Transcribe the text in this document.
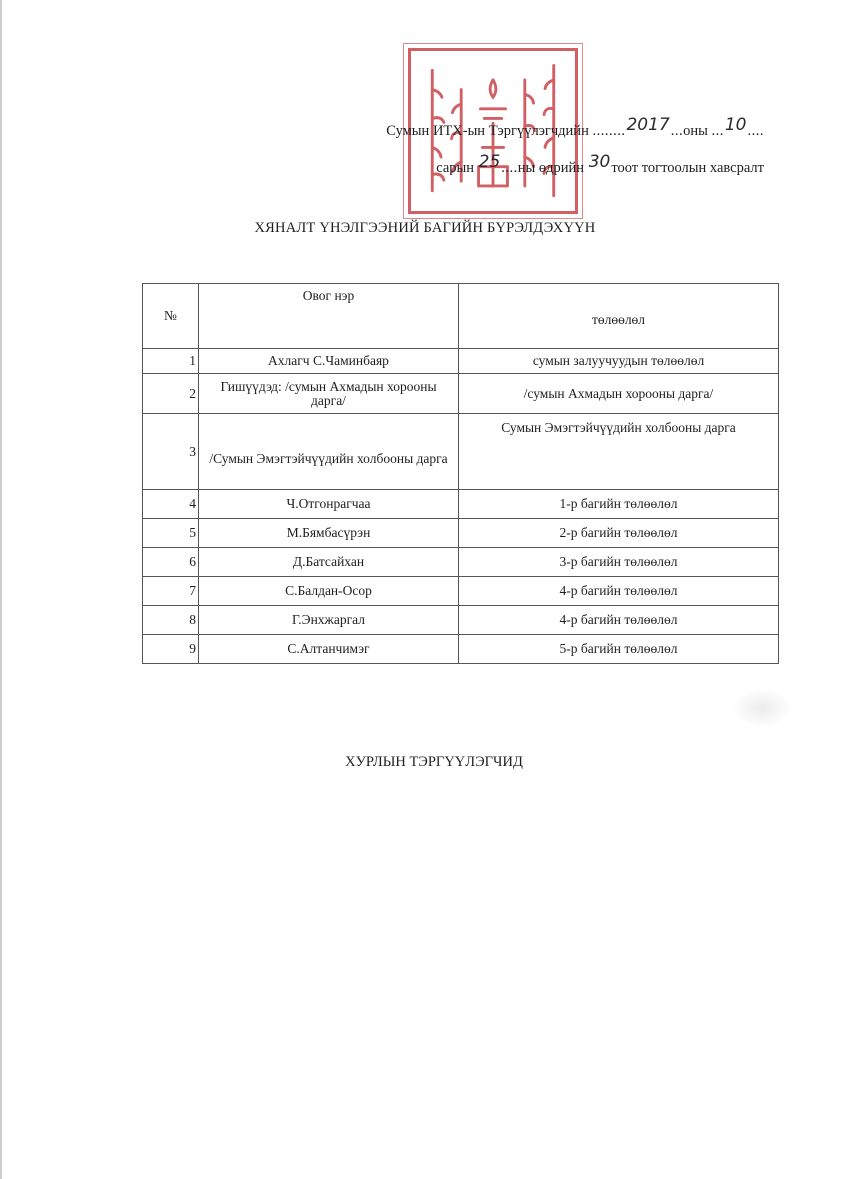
Сумын ИТХ-ын Тэргүүлэгчдийн ........2017...оны ...10....
сарын 25....ны өдрийн 30тоот тогтоолын хавсралт
ХЯНАЛТ ҮНЭЛГЭЭНИЙ БАГИЙН БҮРЭЛДЭХҮҮН
№	Овог нэр	төлөөлөл
1	Ахлагч С.Чаминбаяр	сумын залуучуудын төлөөлөл
2	Гишүүдэд: /сумын Ахмадын хорооны дарга/	/сумын Ахмадын хорооны дарга/
3	/Сумын Эмэгтэйчүүдийн холбооны дарга	Сумын Эмэгтэйчүүдийн холбооны дарга
4	Ч.Отгонрагчаа	1-р багийн төлөөлөл
5	М.Бямбасүрэн	2-р багийн төлөөлөл
6	Д.Батсайхан	3-р багийн төлөөлөл
7	С.Балдан-Осор	4-р багийн төлөөлөл
8	Г.Энхжаргал	4-р багийн төлөөлөл
9	С.Алтанчимэг	5-р багийн төлөөлөл
ХУРЛЫН ТЭРГҮҮЛЭГЧИД
